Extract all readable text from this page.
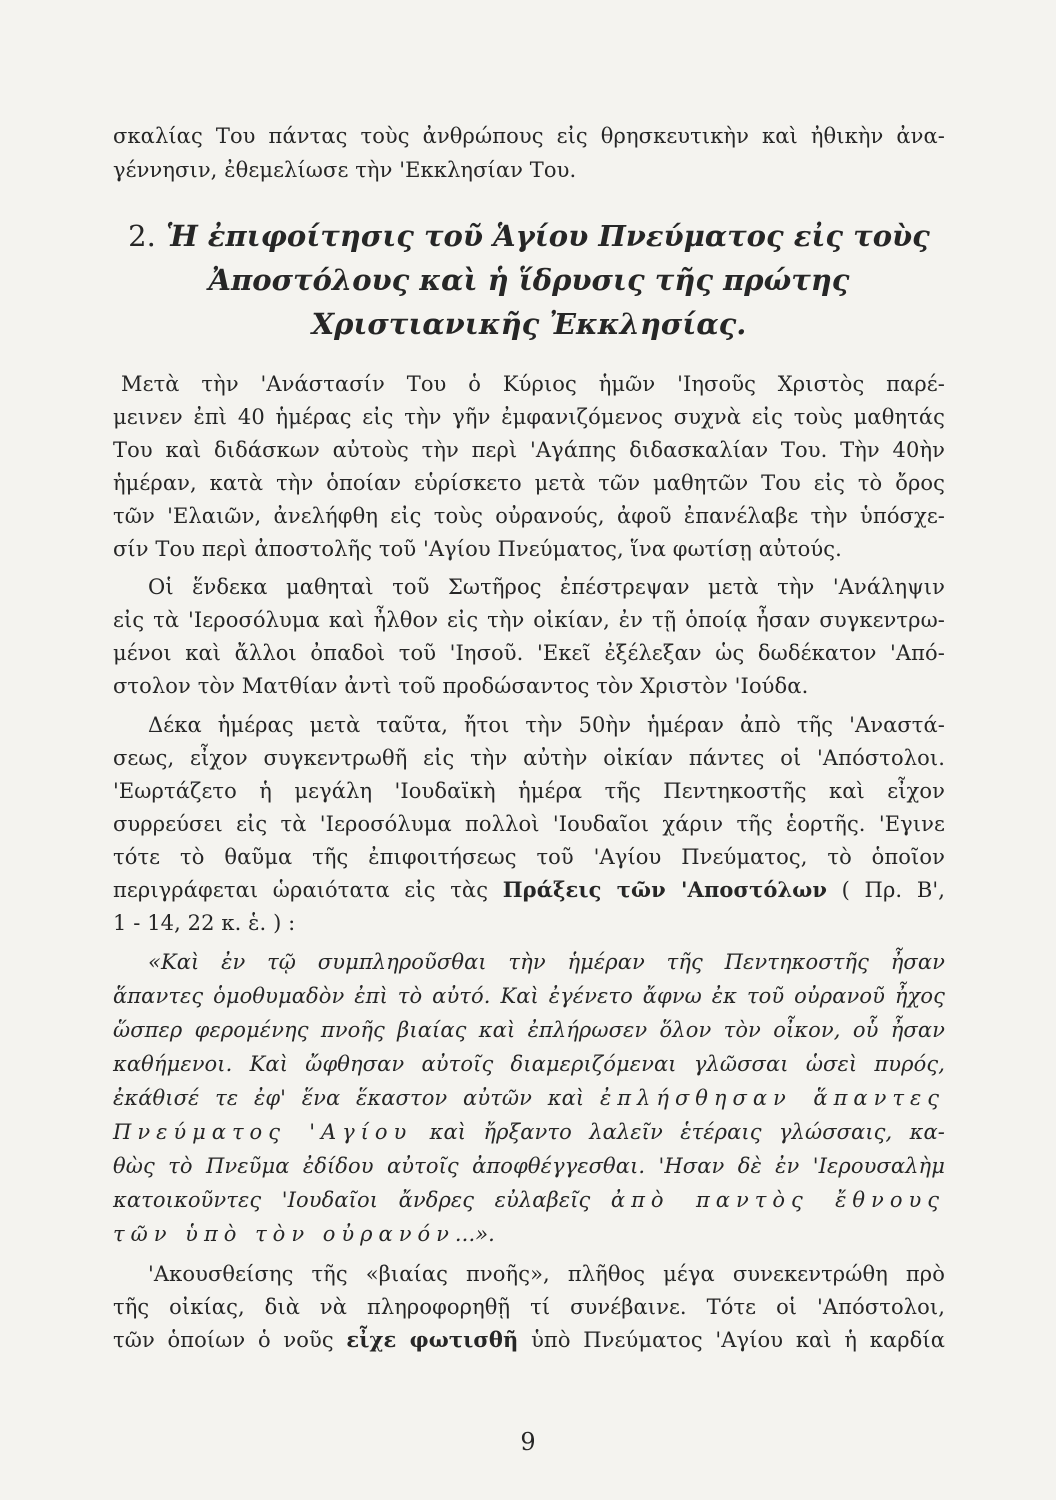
σκαλίας Του πάντας τοὺς ἀνθρώπους εἰς θρησκευτικὴν καὶ ἠθικὴν ἀνα-
γέννησιν, ἐθεμελίωσε τὴν 'Εκκλησίαν Του.
2. Ἡ ἐπιφοίτησις τοῦ Ἁγίου Πνεύματος εἰς τοὺς
Ἀποστόλους καὶ ἡ ἵδρυσις τῆς πρώτης
Χριστιανικῆς Ἐκκλησίας.
Μετὰ τὴν 'Ανάστασίν Του ὁ Κύριος ἡμῶν 'Ιησοῦς Χριστὸς παρέ-
μεινεν ἐπὶ 40 ἡμέρας εἰς τὴν γῆν ἐμφανιζόμενος συχνὰ εἰς τοὺς μαθητάς
Του καὶ διδάσκων αὐτοὺς τὴν περὶ 'Αγάπης διδασκαλίαν Του. Τὴν 40ὴν
ἡμέραν, κατὰ τὴν ὁποίαν εὑρίσκετο μετὰ τῶν μαθητῶν Του εἰς τὸ ὄρος
τῶν 'Ελαιῶν, ἀνελήφθη εἰς τοὺς οὐρανούς, ἀφοῦ ἐπανέλαβε τὴν ὑπόσχε-
σίν Του περὶ ἀποστολῆς τοῦ 'Αγίου Πνεύματος, ἵνα φωτίσῃ αὐτούς.
Οἱ ἕνδεκα μαθηταὶ τοῦ Σωτῆρος ἐπέστρεψαν μετὰ τὴν 'Ανάληψιν
εἰς τὰ 'Ιεροσόλυμα καὶ ἦλθον εἰς τὴν οἰκίαν, ἐν τῇ ὁποίᾳ ἦσαν συγκεντρω-
μένοι καὶ ἄλλοι ὀπαδοὶ τοῦ 'Ιησοῦ. 'Εκεῖ ἐξέλεξαν ὡς δωδέκατον 'Από-
στολον τὸν Ματθίαν ἀντὶ τοῦ προδώσαντος τὸν Χριστὸν 'Ιούδα.
Δέκα ἡμέρας μετὰ ταῦτα, ἤτοι τὴν 50ὴν ἡμέραν ἀπὸ τῆς 'Αναστά-
σεως, εἶχον συγκεντρωθῆ εἰς τὴν αὐτὴν οἰκίαν πάντες οἱ 'Απόστολοι.
'Εωρτάζετο ἡ μεγάλη 'Ιουδαϊκὴ ἡμέρα τῆς Πεντηκοστῆς καὶ εἶχον
συρρεύσει εἰς τὰ 'Ιεροσόλυμα πολλοὶ 'Ιουδαῖοι χάριν τῆς ἑορτῆς. 'Εγινε
τότε τὸ θαῦμα τῆς ἐπιφοιτήσεως τοῦ 'Αγίου Πνεύματος, τὸ ὁποῖον
περιγράφεται ὡραιότατα εἰς τὰς Πράξεις τῶν 'Αποστόλων ( Πρ. Β',
1 - 14, 22 κ. ἑ. ) :
«Καὶ ἐν τῷ συμπληροῦσθαι τὴν ἡμέραν τῆς Πεντηκοστῆς ἦσαν
ἅπαντες ὁμοθυμαδὸν ἐπὶ τὸ αὐτό. Καὶ ἐγένετο ἄφνω ἐκ τοῦ οὐρανοῦ ἦχος
ὥσπερ φερομένης πνοῆς βιαίας καὶ ἐπλήρωσεν ὅλον τὸν οἶκον, οὗ ἦσαν
καθήμενοι. Καὶ ὤφθησαν αὐτοῖς διαμεριζόμεναι γλῶσσαι ὡσεὶ πυρός,
ἐκάθισέ τε ἐφ' ἕνα ἕκαστον αὐτῶν καὶ ἐπλήσθησαν ἅπαντες
Πνεύματος 'Αγίου καὶ ἤρξαντο λαλεῖν ἑτέραις γλώσσαις, κα-
θὼς τὸ Πνεῦμα ἐδίδου αὐτοῖς ἀποφθέγγεσθαι. 'Ησαν δὲ ἐν 'Ιερουσαλὴμ
κατοικοῦντες 'Ιουδαῖοι ἄνδρες εὐλαβεῖς ἀπὸ παντὸς ἔθνους
τῶν ὑπὸ τὸν οὐρανόν...».
'Ακουσθείσης τῆς «βιαίας πνοῆς», πλῆθος μέγα συνεκεντρώθη πρὸ
τῆς οἰκίας, διὰ νὰ πληροφορηθῇ τί συνέβαινε. Τότε οἱ 'Απόστολοι,
τῶν ὁποίων ὁ νοῦς εἶχε φωτισθῆ ὑπὸ Πνεύματος 'Αγίου καὶ ἡ καρδία
9
